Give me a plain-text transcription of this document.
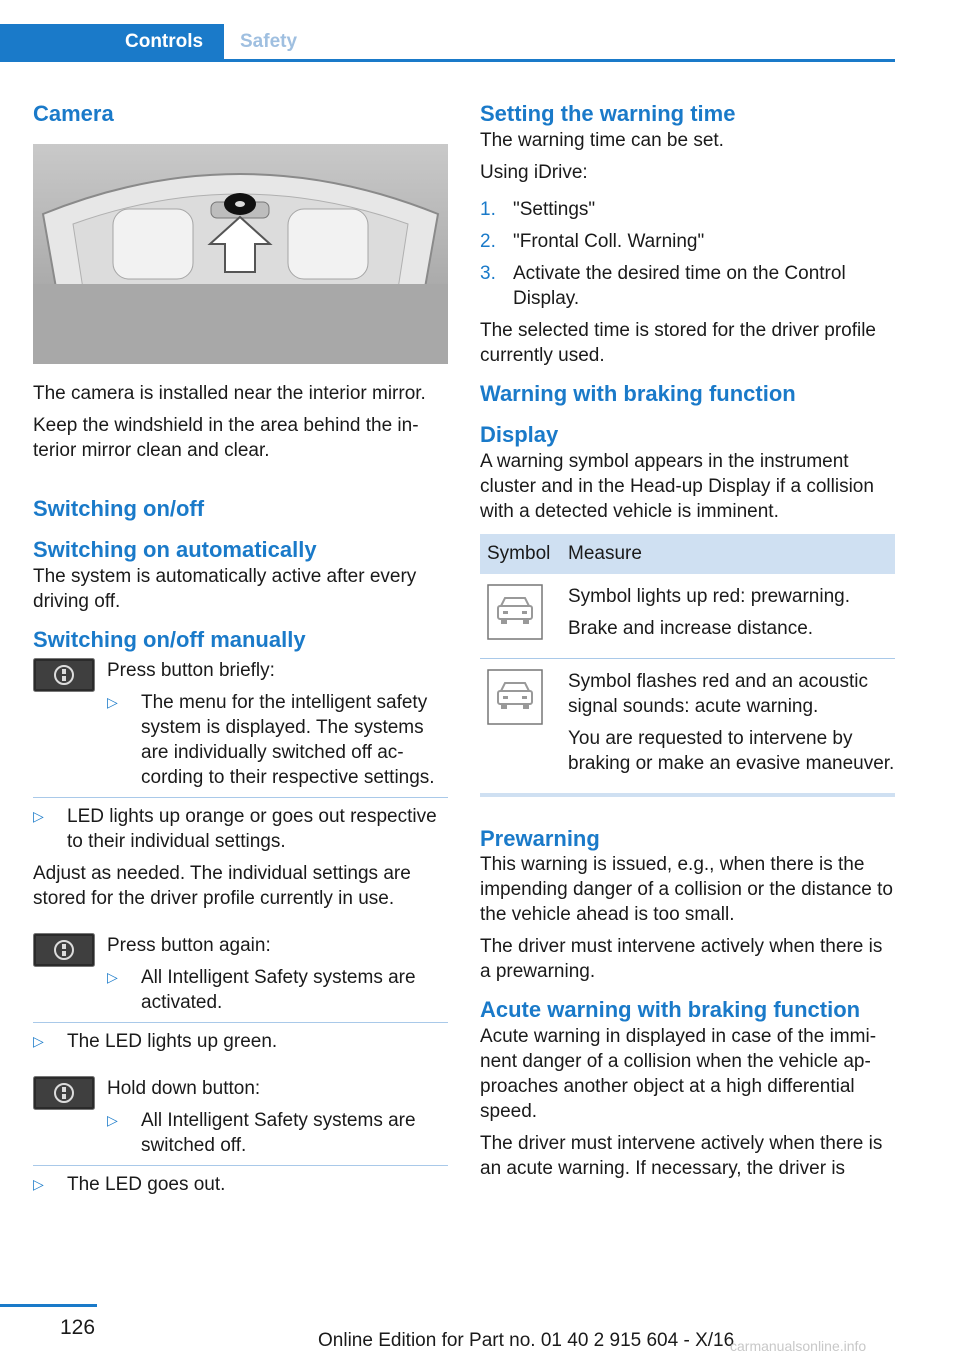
Controls	Safety
Camera

The camera is installed near the interior mirror.

Keep the windshield in the area behind the interior mirror clean and clear.

Switching on/off
Switching on automatically

The system is automatically active after every driving off.

Switching on/off manually

Press button briefly:

▷ The menu for the intelligent safety system is displayed. The systems are individually switched off according to their respective settings.
▷ LED lights up orange or goes out respective to their individual settings.

Adjust as needed. The individual settings are stored for the driver profile currently in use.

Press button again:

▷ All Intelligent Safety systems are activated.
▷ The LED lights up green.

Hold down button:

▷ All Intelligent Safety systems are switched off.
▷ The LED goes out.
Setting the warning time

The warning time can be set.

Using iDrive:

1. "Settings"
2. "Frontal Coll. Warning"
3. Activate the desired time on the Control Display.

The selected time is stored for the driver profile currently used.

Warning with braking function
Display

A warning symbol appears in the instrument cluster and in the Head-up Display if a collision with a detected vehicle is imminent.

Symbol	Measure

Symbol lights up red: prewarning.

Brake and increase distance.

Symbol flashes red and an acoustic signal sounds: acute warning.

You are requested to intervene by braking or make an evasive maneuver.

Prewarning

This warning is issued, e.g., when there is the impending danger of a collision or the distance to the vehicle ahead is too small.

The driver must intervene actively when there is a prewarning.

Acute warning with braking function

Acute warning in displayed in case of the imminent danger of a collision when the vehicle approaches another object at a high differential speed.

The driver must intervene actively when there is an acute warning. If necessary, the driver is

126
Online Edition for Part no. 01 40 2 915 604 - X/16
carmanualsonline.info
